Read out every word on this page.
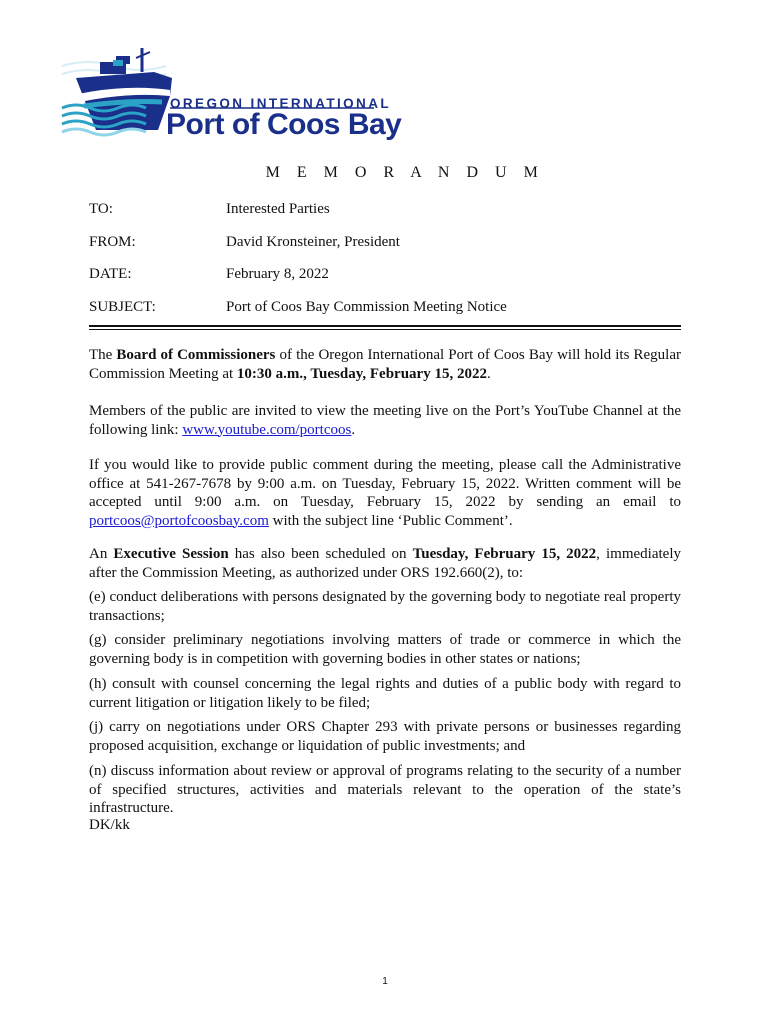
OREGON INTERNATIONAL
Port of Coos Bay
M E M O R A N D U M
TO:	Interested Parties
FROM:	David Kronsteiner, President
DATE:	February 8, 2022
SUBJECT:	Port of Coos Bay Commission Meeting Notice
The Board of Commissioners of the Oregon International Port of Coos Bay will hold its Regular Commission Meeting at 10:30 a.m., Tuesday, February 15, 2022.
Members of the public are invited to view the meeting live on the Port’s YouTube Channel at the following link: www.youtube.com/portcoos.
If you would like to provide public comment during the meeting, please call the Administrative office at 541-267-7678 by 9:00 a.m. on Tuesday, February 15, 2022. Written comment will be accepted until 9:00 a.m. on Tuesday, February 15, 2022 by sending an email to portcoos@portofcoosbay.com with the subject line ‘Public Comment’.
An Executive Session has also been scheduled on Tuesday, February 15, 2022, immediately after the Commission Meeting, as authorized under ORS 192.660(2), to:
(e) conduct deliberations with persons designated by the governing body to negotiate real property transactions;
(g) consider preliminary negotiations involving matters of trade or commerce in which the governing body is in competition with governing bodies in other states or nations;
(h) consult with counsel concerning the legal rights and duties of a public body with regard to current litigation or litigation likely to be filed;
(j) carry on negotiations under ORS Chapter 293 with private persons or businesses regarding proposed acquisition, exchange or liquidation of public investments; and
(n) discuss information about review or approval of programs relating to the security of a number of specified structures, activities and materials relevant to the operation of the state’s infrastructure.
DK/kk
1
